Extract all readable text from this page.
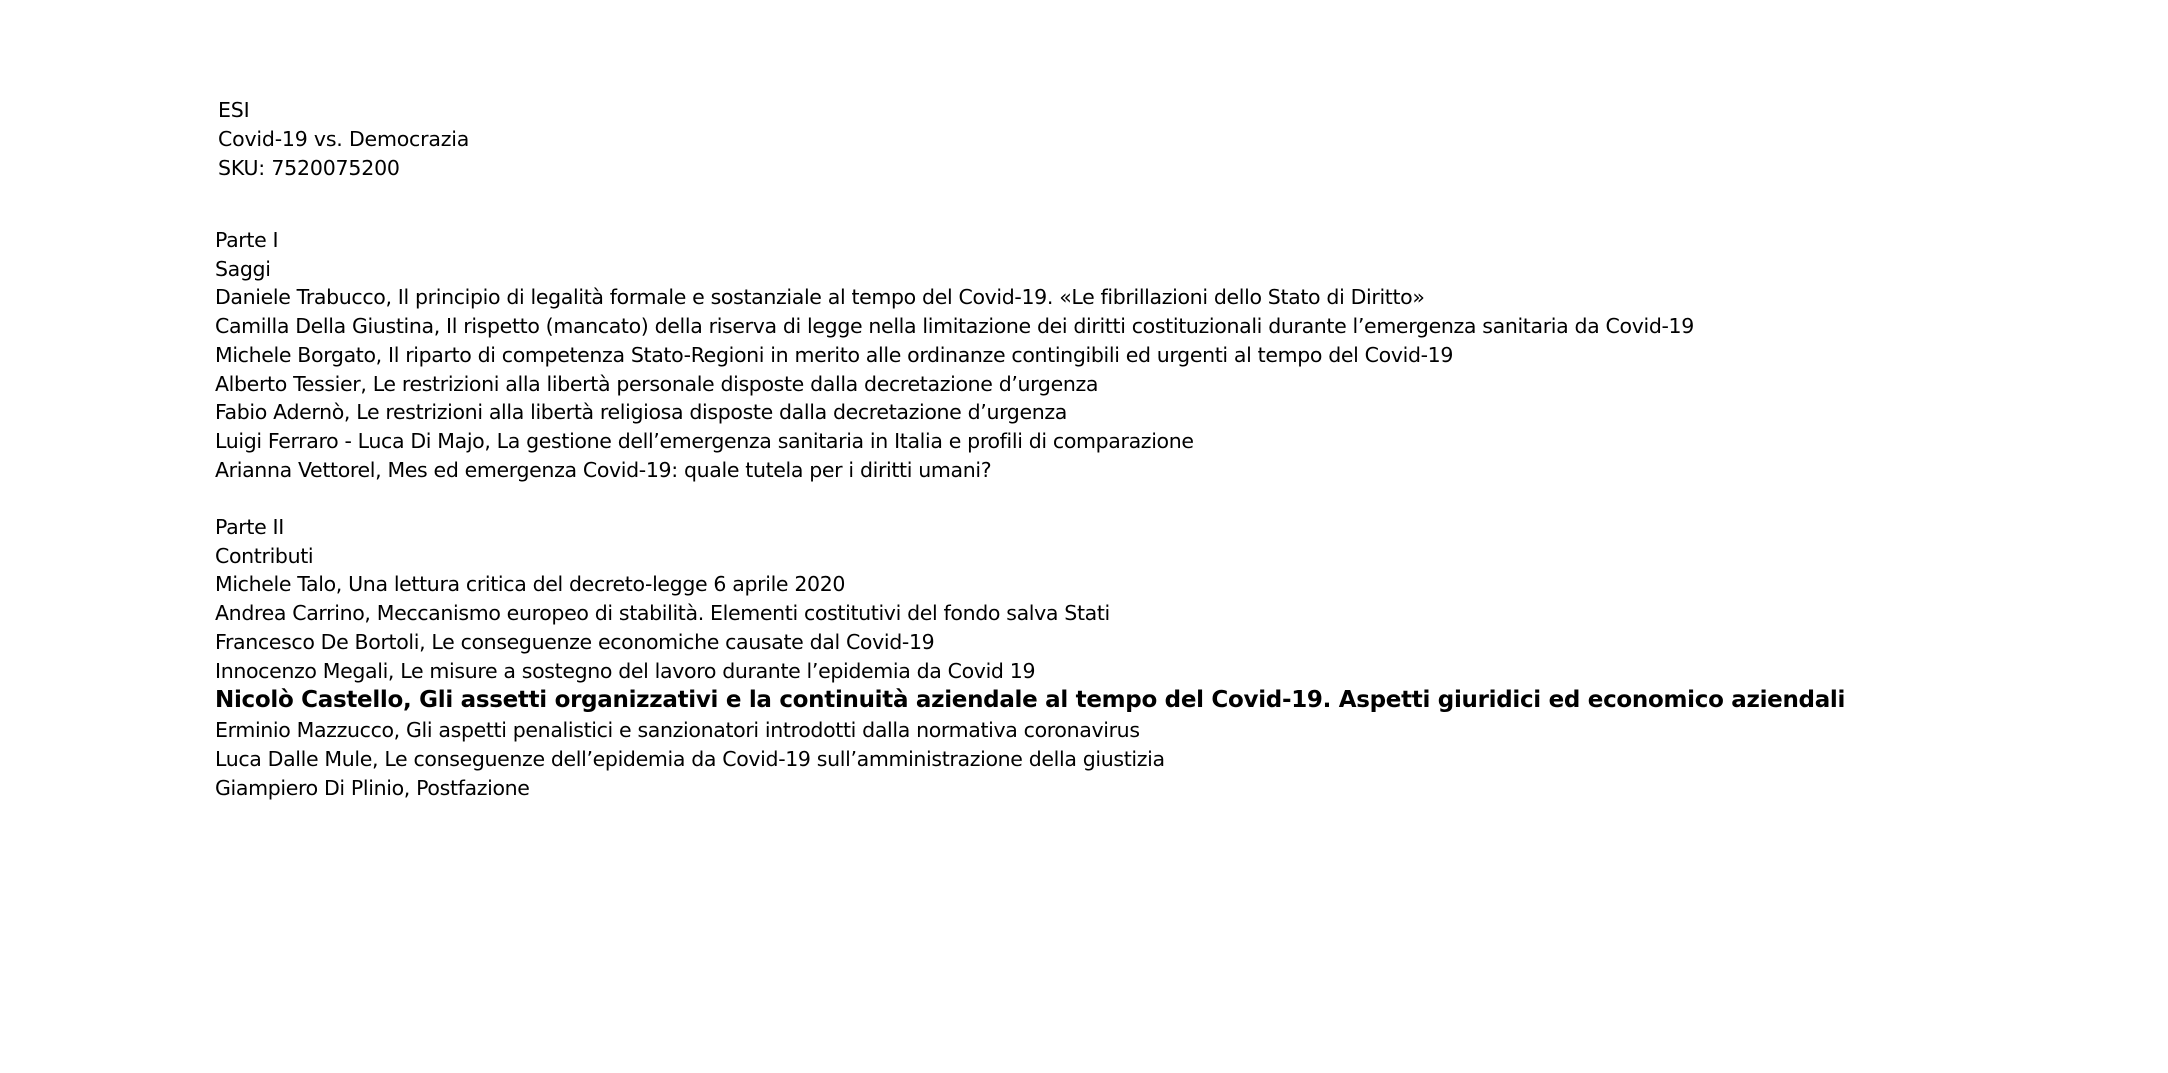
ESI
Covid-19 vs. Democrazia
SKU: 7520075200
Parte I
Saggi
Daniele Trabucco, Il principio di legalità formale e sostanziale al tempo del Covid-19. «Le fibrillazioni dello Stato di Diritto»
Camilla Della Giustina, Il rispetto (mancato) della riserva di legge nella limitazione dei diritti costituzionali durante l’emergenza sanitaria da Covid-19
Michele Borgato, Il riparto di competenza Stato-Regioni in merito alle ordinanze contingibili ed urgenti al tempo del Covid-19
Alberto Tessier, Le restrizioni alla libertà personale disposte dalla decretazione d’urgenza
Fabio Adernò, Le restrizioni alla libertà religiosa disposte dalla decretazione d’urgenza
Luigi Ferraro - Luca Di Majo, La gestione dell’emergenza sanitaria in Italia e profili di comparazione
Arianna Vettorel, Mes ed emergenza Covid-19: quale tutela per i diritti umani?
Parte II
Contributi
Michele Talo, Una lettura critica del decreto-legge 6 aprile 2020
Andrea Carrino, Meccanismo europeo di stabilità. Elementi costitutivi del fondo salva Stati
Francesco De Bortoli, Le conseguenze economiche causate dal Covid-19
Innocenzo Megali, Le misure a sostegno del lavoro durante l’epidemia da Covid 19
Nicolò Castello, Gli assetti organizzativi e la continuità aziendale al tempo del Covid-19. Aspetti giuridici ed economico aziendali
Erminio Mazzucco, Gli aspetti penalistici e sanzionatori introdotti dalla normativa coronavirus
Luca Dalle Mule, Le conseguenze dell’epidemia da Covid-19 sull’amministrazione della giustizia
Giampiero Di Plinio, Postfazione
